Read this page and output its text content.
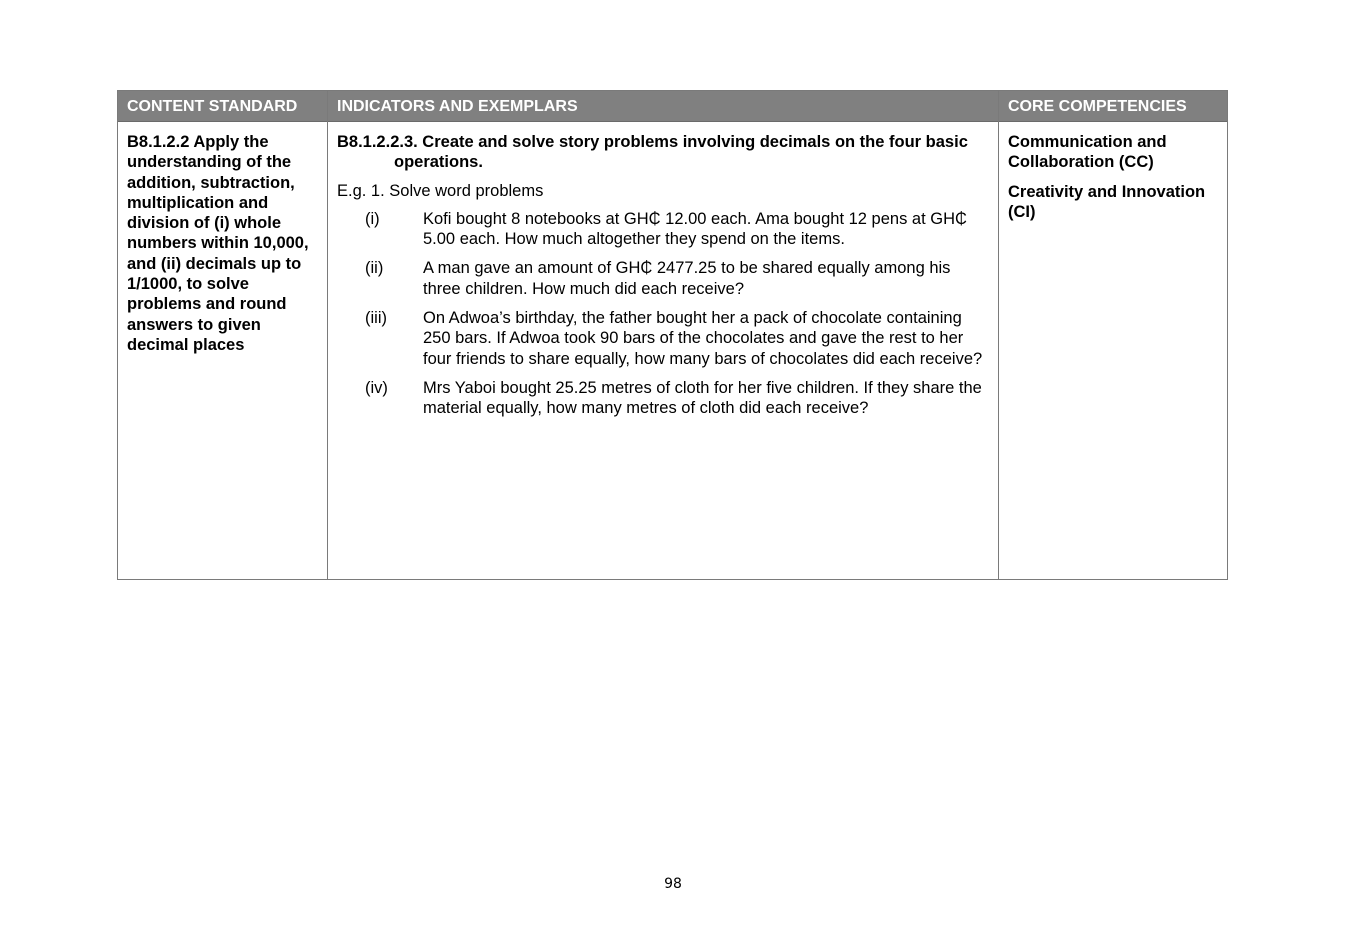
CONTENT STANDARD
B8.1.2.2 Apply the understanding of the addition, subtraction, multiplication and division of (i) whole numbers within 10,000, and (ii) decimals up to 1/1000, to solve problems and round answers to given decimal places
INDICATORS AND EXEMPLARS

B8.1.2.2.3. Create and solve story problems involving decimals on the four basic operations.

E.g. 1. Solve word problems

(i)	Kofi bought 8 notebooks at GH₵ 12.00 each. Ama bought 12 pens at GH₵ 5.00 each. How much altogether they spend on the items.
(ii) A man gave an amount of GH₵ 2477.25 to be shared equally among his three children. How much did each receive?
(iii) On Adwoa’s birthday, the father bought her a pack of chocolate containing 250 bars. If Adwoa took 90 bars of the chocolates and gave the rest to her four friends to share equally, how many bars of chocolates did each receive?
(iv) Mrs Yaboi bought 25.25 metres of cloth for her five children. If they share the material equally, how many metres of cloth did each receive?
CORE COMPETENCIES

Communication and Collaboration (CC)

Creativity and Innovation (CI)

98
